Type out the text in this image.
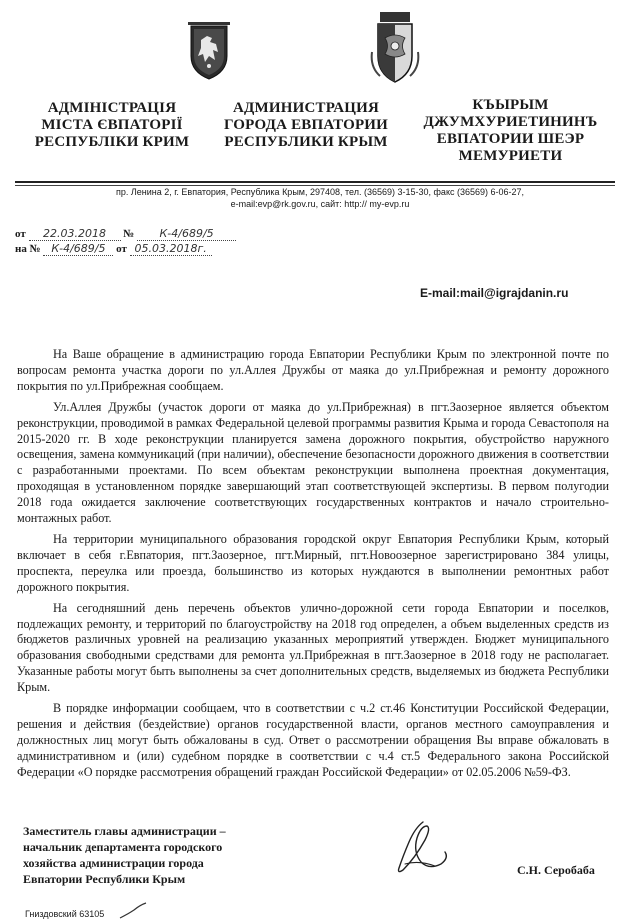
АДМІНІСТРАЦІЯ
МІСТА ЄВПАТОРІЇ
РЕСПУБЛІКИ КРИМ
АДМИНИСТРАЦИЯ
ГОРОДА ЕВПАТОРИИ
РЕСПУБЛИКИ КРЫМ
КЪЫРЫМ
ДЖУМХУРИЕТИНИНЪ
ЕВПАТОРИИ ШЕЭР
МЕМУРИЕТИ
пр. Ленина 2, г. Евпатория, Республика Крым, 297408, тел. (36569) 3-15-30, факс (36569) 6-06-27,
e-mail:evp@rk.gov.ru, сайт: http:// my-evp.ru
от 22.03.2018 № К-4/689/5
на № К-4/689/5 от 05.03.2018г.
E-mail:mail@igrajdanin.ru

На Ваше обращение в администрацию города Евпатории Республики Крым по электронной почте по вопросам ремонта участка дороги по ул.Аллея Дружбы от маяка до ул.Прибрежная и ремонту дорожного покрытия по ул.Прибрежная сообщаем.

Ул.Аллея Дружбы (участок дороги от маяка до ул.Прибрежная) в пгт.Заозерное является объектом реконструкции, проводимой в рамках Федеральной целевой программы развития Крыма и города Севастополя на 2015-2020 гг. В ходе реконструкции планируется замена дорожного покрытия, обустройство наружного освещения, замена коммуникаций (при наличии), обеспечение безопасности дорожного движения в соответствии с разработанными проектами. По всем объектам реконструкции выполнена проектная документация, проходящая в установленном порядке завершающий этап соответствующей экспертизы. В первом полугодии 2018 года ожидается заключение соответствующих государственных контрактов и начало строительно-монтажных работ.

На территории муниципального образования городской округ Евпатория Республики Крым, который включает в себя г.Евпатория, пгт.Заозерное, пгт.Мирный, пгт.Новоозерное зарегистрировано 384 улицы, проспекта, переулка или проезда, большинство из которых нуждаются в выполнении ремонтных работ дорожного покрытия.

На сегодняшний день перечень объектов улично-дорожной сети города Евпатории и поселков, подлежащих ремонту, и территорий по благоустройству на 2018 год определен, а объем выделенных средств из бюджетов различных уровней на реализацию указанных мероприятий утвержден. Бюджет муниципального образования свободными средствами для ремонта ул.Прибрежная в пгт.Заозерное в 2018 году не располагает. Указанные работы могут быть выполнены за счет дополнительных средств, выделяемых из бюджета Республики Крым.

В порядке информации сообщаем, что в соответствии с ч.2 ст.46 Конституции Российской Федерации, решения и действия (бездействие) органов государственной власти, органов местного самоуправления и должностных лиц могут быть обжалованы в суд. Ответ о рассмотрении обращения Вы вправе обжаловать в административном и (или) судебном порядке в соответствии с ч.4 ст.5 Федерального закона Российской Федерации «О порядке рассмотрения обращений граждан Российской Федерации» от 02.05.2006 №59-ФЗ.

Заместитель главы администрации –
начальник департамента городского
хозяйства администрации города
Евпатории Республики Крым
С.Н. Серобаба
Гниздовский 63105
